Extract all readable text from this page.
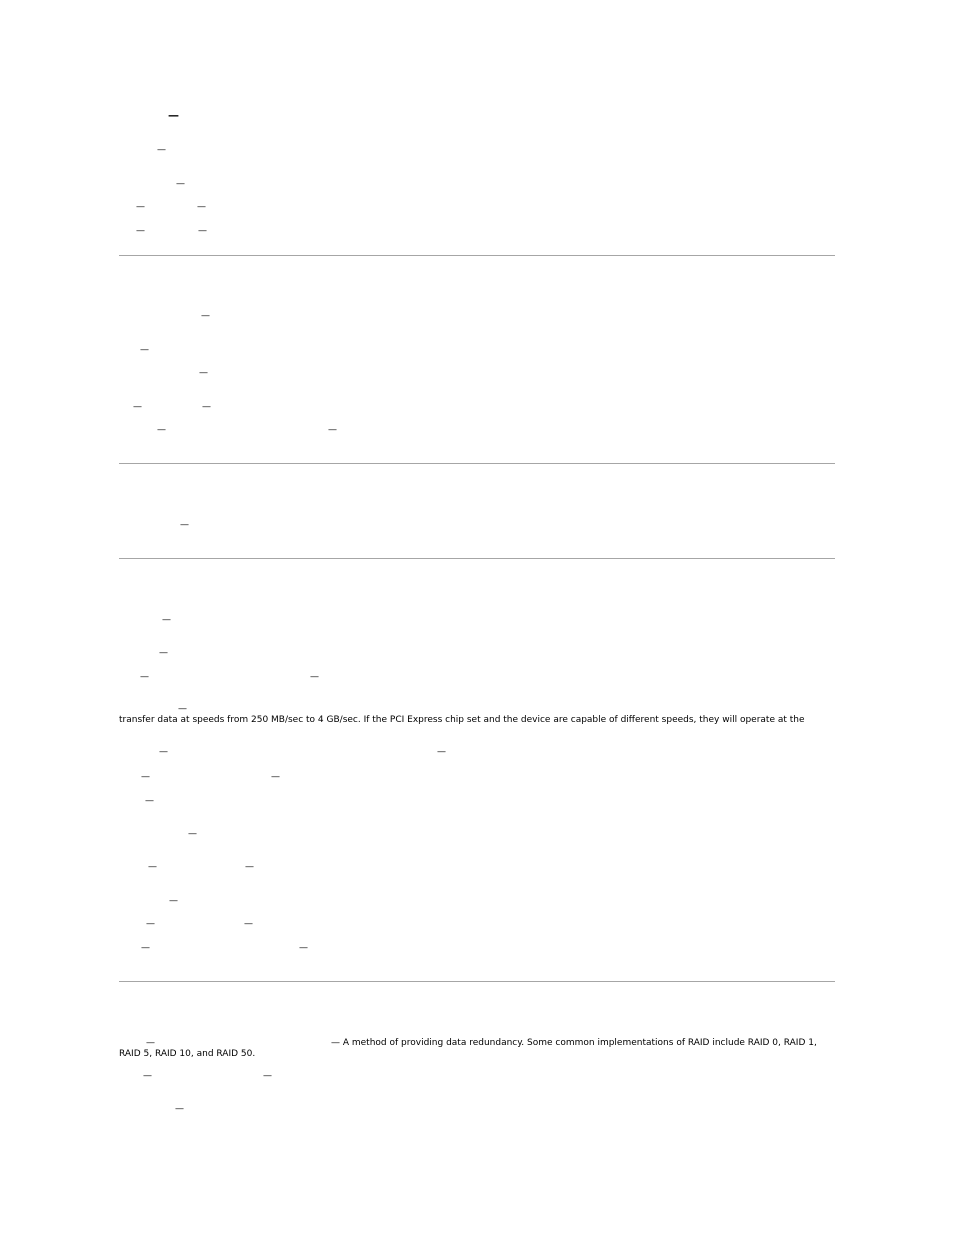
—
—
—
—	—
—	—
—
—
—
—	—
—	—
—
—
—
—	—
—
transfer data at speeds from 250 MB/sec to 4 GB/sec. If the PCI Express chip set and the device are capable of different speeds, they will operate at the
—	—
—	—
—
—
—	—
—
—	—
—	—
—	— A method of providing data redundancy. Some common implementations of RAID include RAID 0, RAID 1, RAID 5, RAID 10, and RAID 50.
—	—
—
